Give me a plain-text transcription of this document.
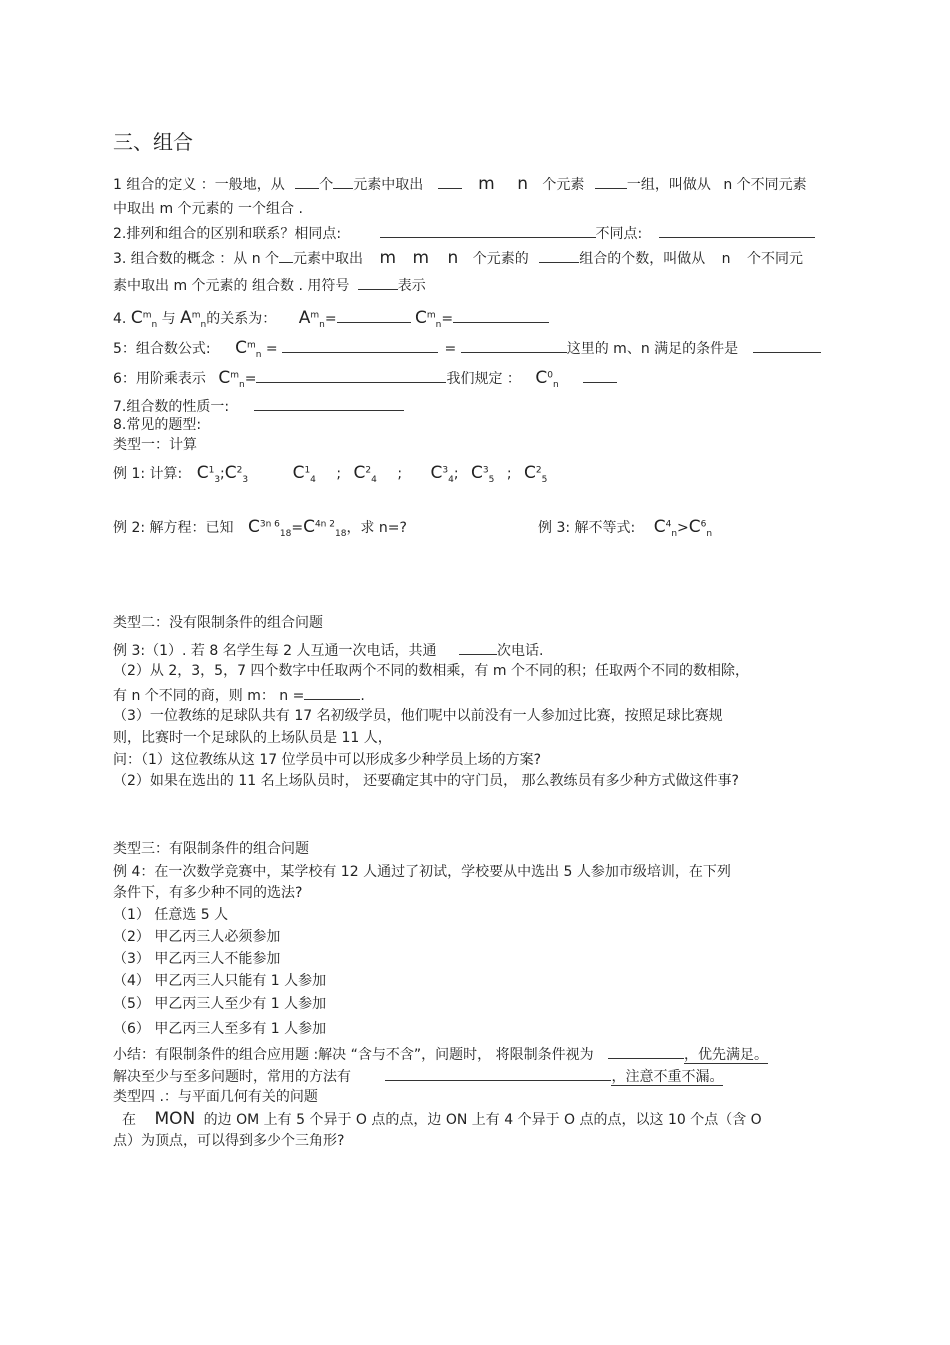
三、组合
1 组合的定义 ：一般地，从 个 元素中取出	m n 个元素	一组，叫做从 n 个不同元素
中取出 m 个元素的 一个组合 .
2.排列和组合的区别和联系？相同点:	不同点:
3. 组合数的概念 ：从 n 个 元素中取出 m m n 个元素的	组合的个数，叫做从 n 个不同元
素中取出 m 个元素的 组合数 . 用符号	表示
4. $C^m_n$ 与 $A^m_n$的关系为： $A^m_n=$	$C^m_n=$
5：组合数公式: $C^m_n$ =	=	这里的 m、n 满足的条件是
6：用阶乘表示 $C^m_n=$	我们规定 ： $C^0_n$
7.组合数的性质一:
8.常见的题型:
类型一：计算
例 1: 计算: $C^1_3;C^2_3$	$C^1_4$ ; $C^2_4$ ; $C^3_4$; $C^3_5$ ; $C^2_5$
例 2: 解方程：已知 $C^{3n 6}_{18}=C^{4n 2}_{18}$，求 n=?	例 3: 解不等式: $C^4_n>C^6_n$
类型二：没有限制条件的组合问题
例 3:（1）. 若 8 名学生每 2 人互通一次电话，共通	次电话.
（2）从 2，3，5，7 四个数字中任取两个不同的数相乘，有 m 个不同的积；任取两个不同的数相除，
有 n 个不同的商，则 m： n =	.
（3）一位教练的足球队共有 17 名初级学员，他们呢中以前没有一人参加过比赛，按照足球比赛规
则，比赛时一个足球队的上场队员是 11 人，
问：（1）这位教练从这 17 位学员中可以形成多少种学员上场的方案?
（2）如果在选出的 11 名上场队员时， 还要确定其中的守门员， 那么教练员有多少种方式做这件事?
类型三：有限制条件的组合问题
例 4：在一次数学竞赛中，某学校有 12 人通过了初试，学校要从中选出 5 人参加市级培训，在下列
条件下，有多少种不同的选法?
（1） 任意选 5 人
（2） 甲乙丙三人必须参加
（3） 甲乙丙三人不能参加
（4） 甲乙丙三人只能有 1 人参加
（5） 甲乙丙三人至少有 1 人参加
（6） 甲乙丙三人至多有 1 人参加
小结：有限制条件的组合应用题 :解决 “含与不含”，问题时， 将限制条件视为	，优先满足。
解决至少与至多问题时，常用的方法有	，注意不重不漏。
类型四 .：与平面几何有关的问题
在 MON 的边 OM 上有 5 个异于 O 点的点，边 ON 上有 4 个异于 O 点的点，以这 10 个点（含 O
点）为顶点，可以得到多少个三角形?
